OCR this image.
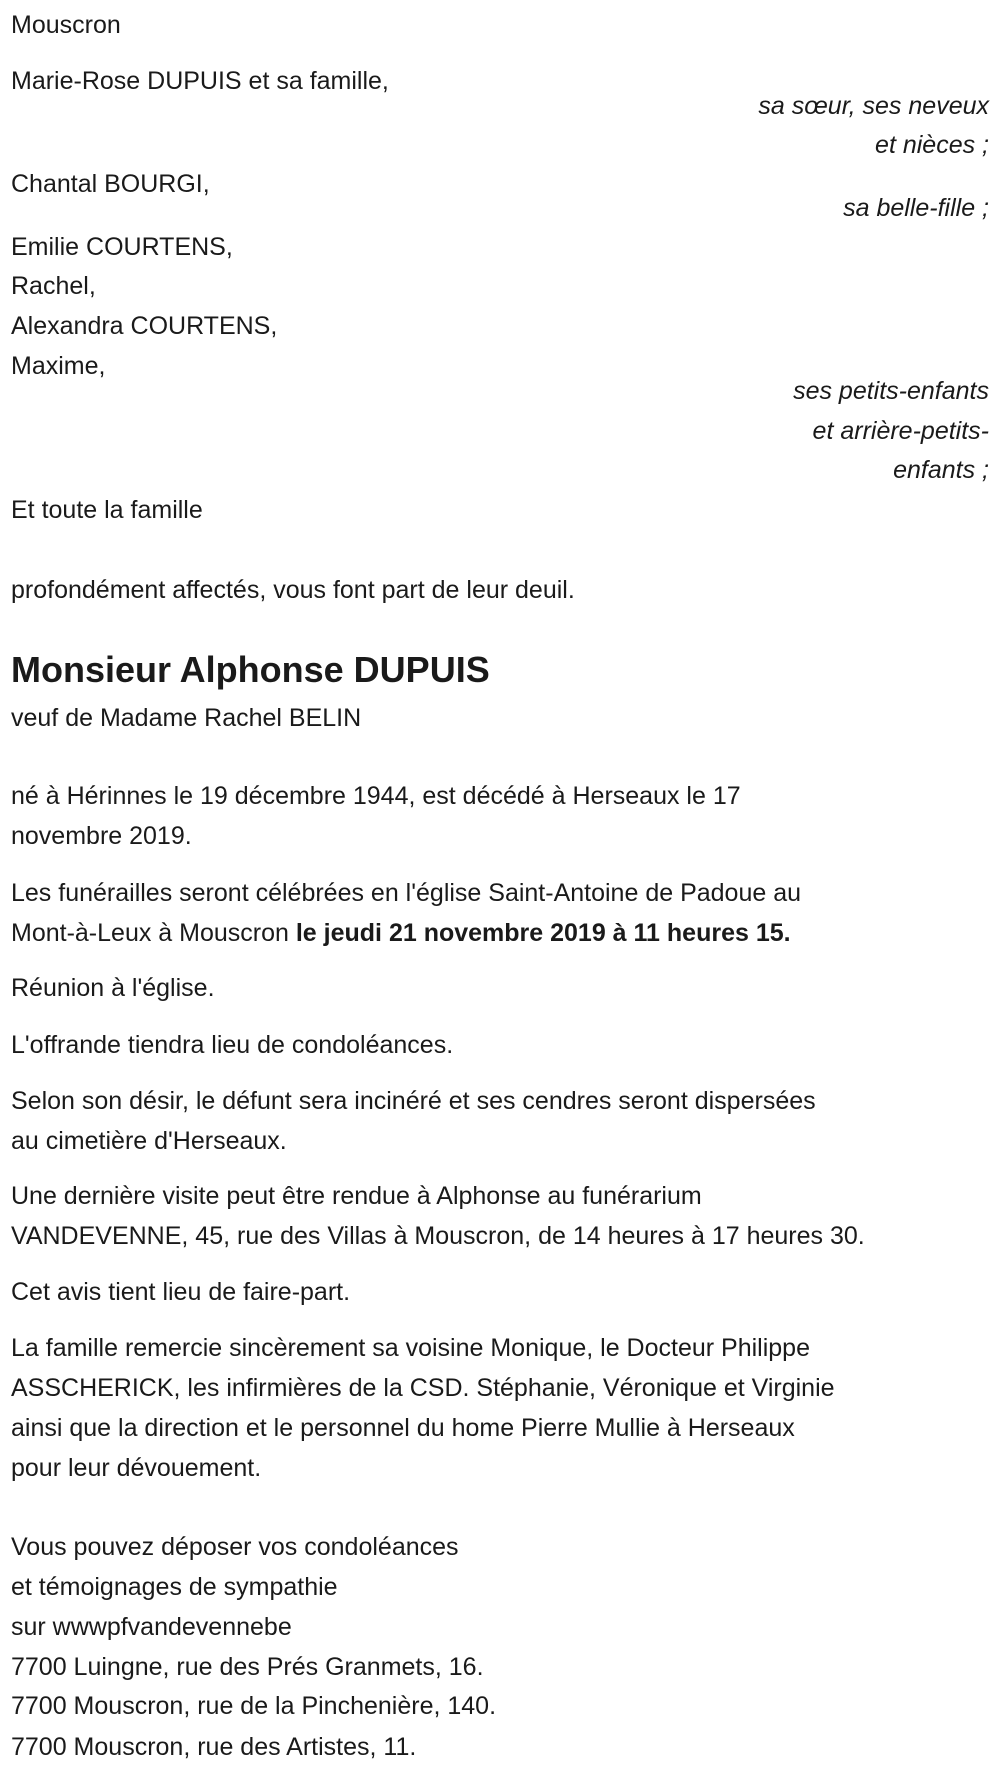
Mouscron
Marie-Rose DUPUIS et sa famille,
sa sœur, ses neveux
et nièces ;
Chantal BOURGI,
sa belle-fille ;
Emilie COURTENS,
Rachel,
Alexandra COURTENS,
Maxime,
ses petits-enfants
et arrière-petits-
enfants ;
Et toute la famille
profondément affectés, vous font part de leur deuil.
Monsieur Alphonse DUPUIS
veuf de Madame Rachel BELIN
né à Hérinnes le 19 décembre 1944, est décédé à Herseaux le 17
novembre 2019.
Les funérailles seront célébrées en l'église Saint-Antoine de Padoue au
Mont-à-Leux à Mouscron le jeudi 21 novembre 2019 à 11 heures 15.
Réunion à l'église.
L'offrande tiendra lieu de condoléances.
Selon son désir, le défunt sera incinéré et ses cendres seront dispersées
au cimetière d'Herseaux.
Une dernière visite peut être rendue à Alphonse au funérarium
VANDEVENNE, 45, rue des Villas à Mouscron, de 14 heures à 17 heures 30.
Cet avis tient lieu de faire-part.
La famille remercie sincèrement sa voisine Monique, le Docteur Philippe
ASSCHERICK, les infirmières de la CSD. Stéphanie, Véronique et Virginie
ainsi que la direction et le personnel du home Pierre Mullie à Herseaux
pour leur dévouement.
Vous pouvez déposer vos condoléances
et témoignages de sympathie
sur wwwpfvandevennebe
7700 Luingne, rue des Prés Granmets, 16.
7700 Mouscron, rue de la Pinchenière, 140.
7700 Mouscron, rue des Artistes, 11.
